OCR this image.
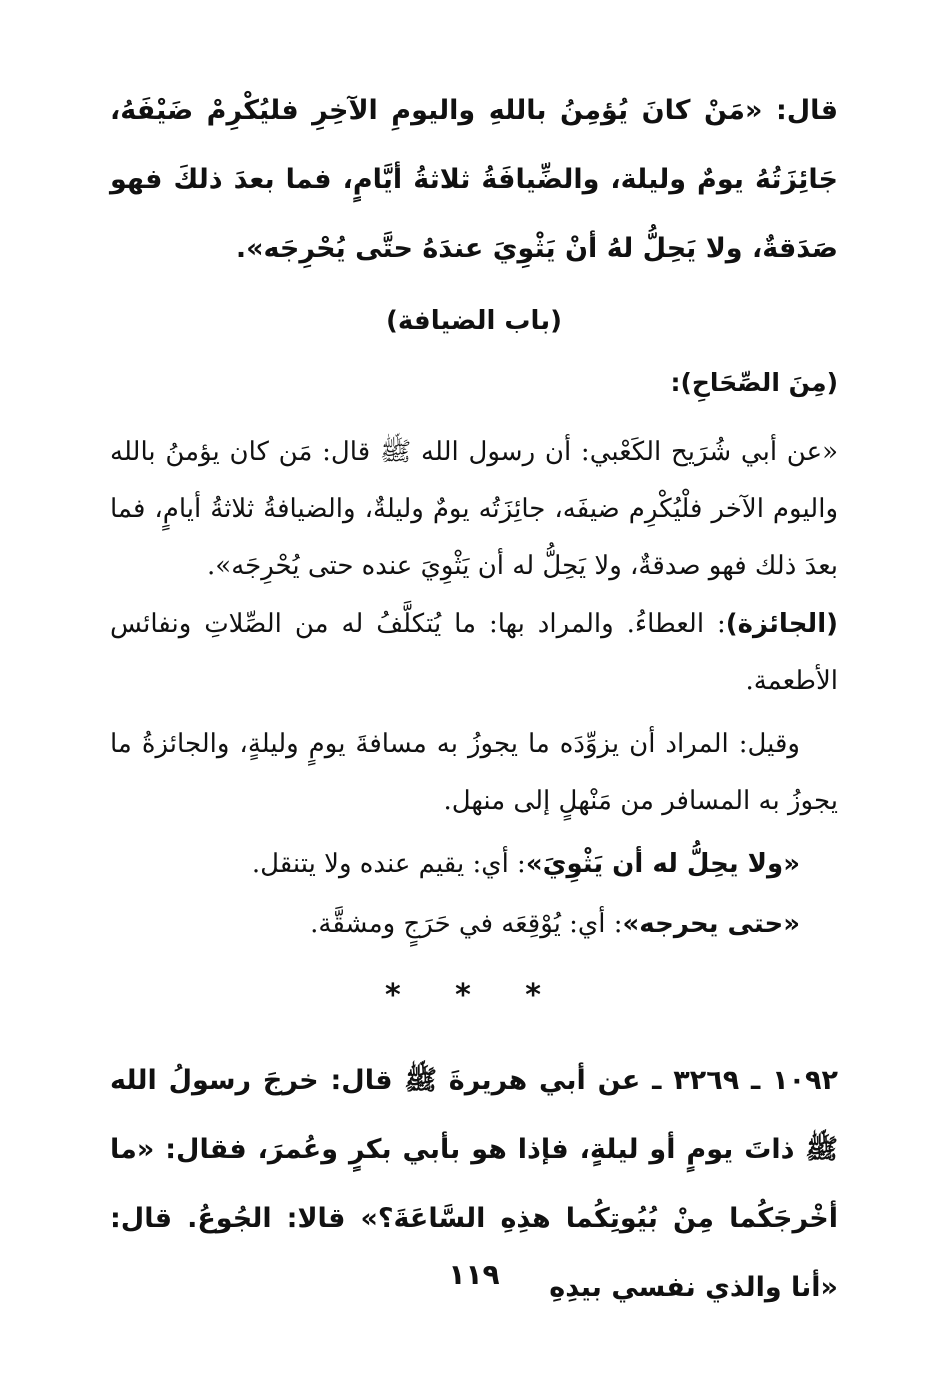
قال: «مَنْ كانَ يُؤمِنُ باللهِ واليومِ الآخِرِ فليُكْرِمْ ضَيْفَهُ، جَائِزَتُهُ يومٌ وليلة، والضِّيافَةُ ثلاثةُ أيَّامٍ، فما بعدَ ذلكَ فهو صَدَقةٌ، ولا يَحِلُّ لهُ أنْ يَثْوِيَ عندَهُ حتَّى يُحْرِجَه».

(باب الضيافة)
(مِنَ الصِّحَاحِ):

«عن أبي شُرَيح الكَعْبي: أن رسول الله ﷺ قال: مَن كان يؤمنُ بالله واليوم الآخر فلْيُكْرِم ضيفَه، جائِزَتُه يومٌ وليلةٌ، والضيافةُ ثلاثةُ أيامٍ، فما بعدَ ذلك فهو صدقةٌ، ولا يَحِلُّ له أن يَثْوِيَ عنده حتى يُحْرِجَه».

(الجائزة): العطاءُ. والمراد بها: ما يُتكلَّفُ له من الصِّلاتِ ونفائس الأطعمة.

وقيل: المراد أن يزوِّدَه ما يجوزُ به مسافةَ يومٍ وليلةٍ، والجائزةُ ما يجوزُ به المسافر من مَنْهلٍ إلى منهل.

«ولا يحِلُّ له أن يَثْوِيَ»: أي: يقيم عنده ولا يتنقل.

«حتى يحرجه»: أي: يُوْقِعَه في حَرَجٍ ومشقَّة.

* * *

١٠٩٢ ـ ٣٢٦٩ ـ عن أبي هريرةَ ﷺ قال: خرجَ رسولُ الله ﷺ ذاتَ يومٍ أو ليلةٍ، فإذا هو بأبي بكرٍ وعُمرَ، فقال: «ما أخْرجَكُما مِنْ بُيُوتِكُما هذِهِ السَّاعَةَ؟» قالا: الجُوعُ. قال: «أنا والذي نفسي بيدِهِ

١١٩
